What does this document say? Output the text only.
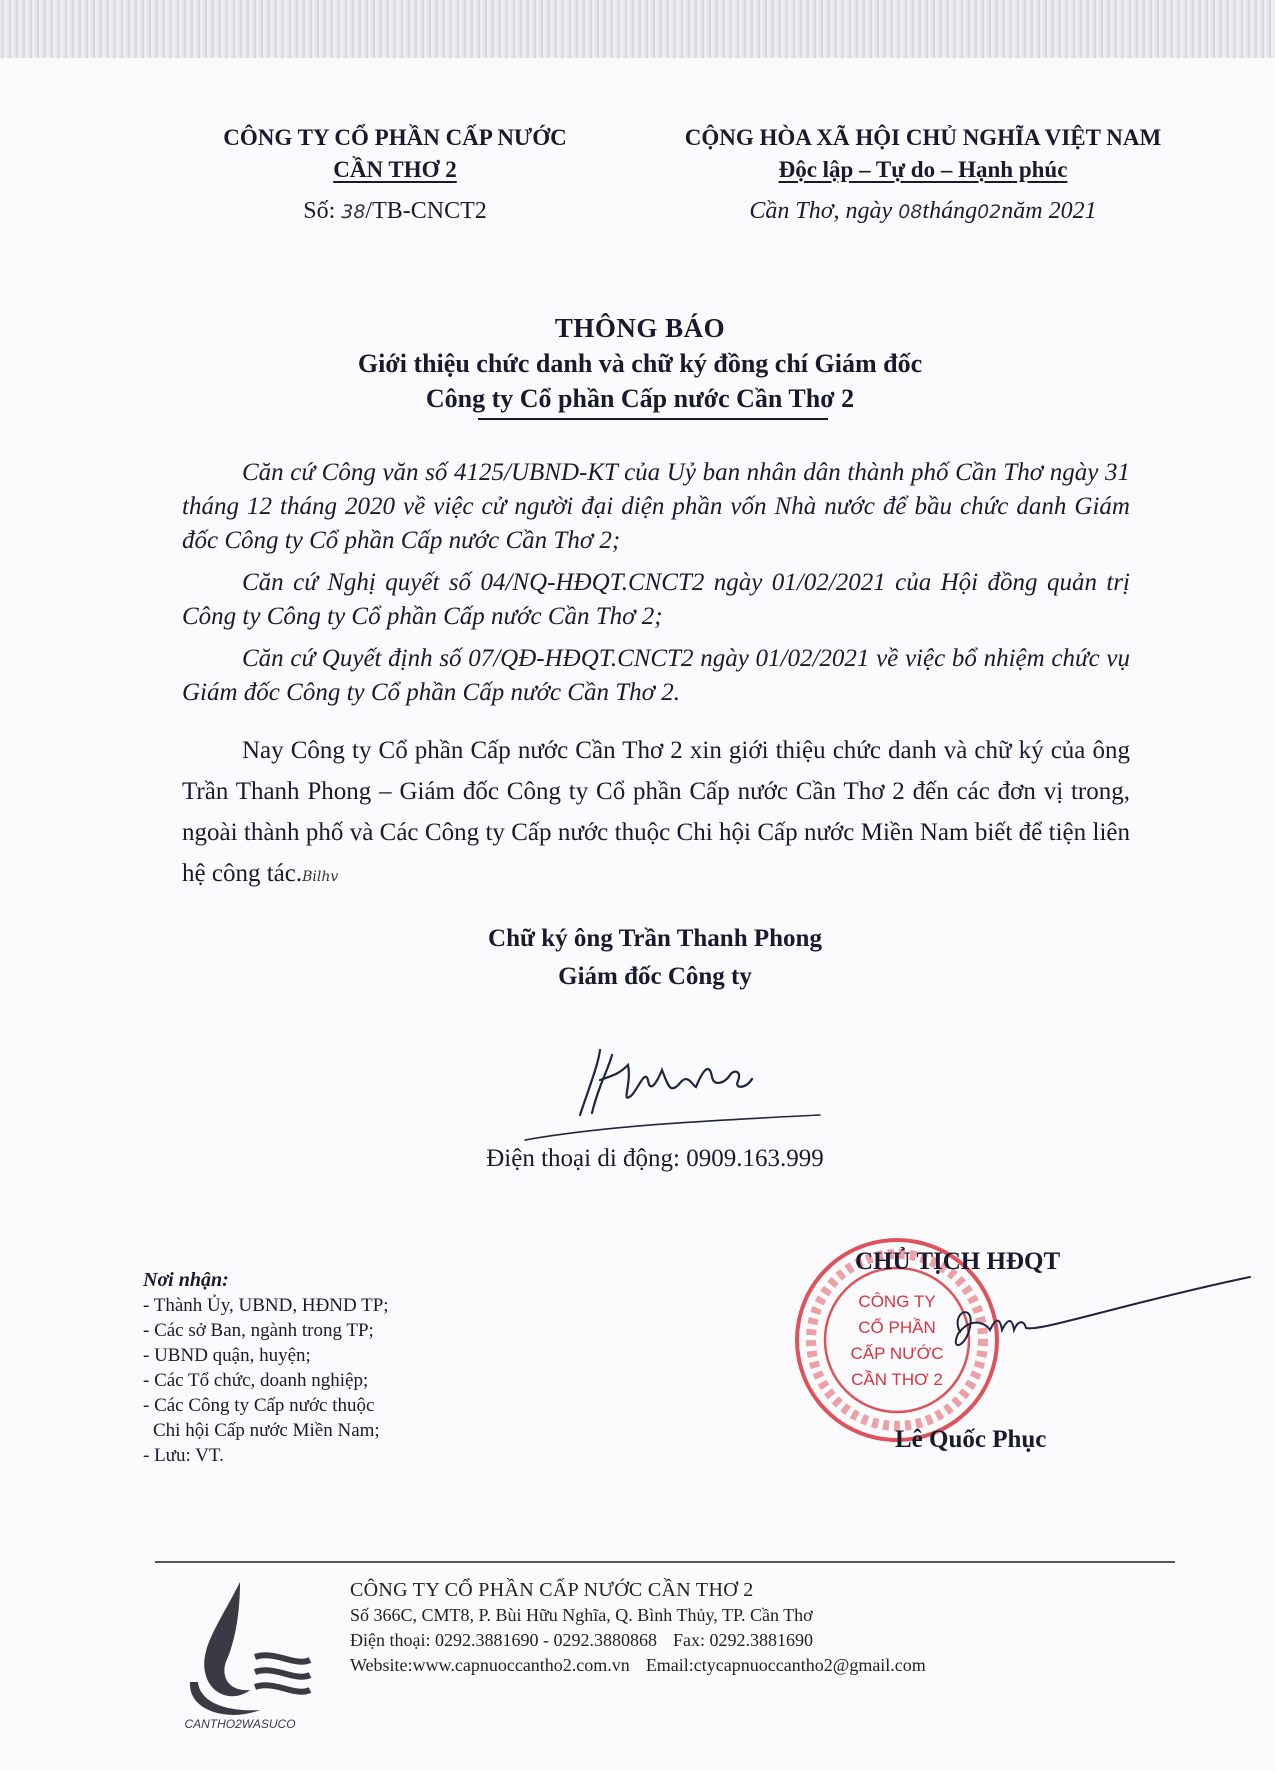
CÔNG TY CỔ PHẦN CẤP NƯỚC
CẦN THƠ 2
Số: 38/TB-CNCT2
CỘNG HÒA XÃ HỘI CHỦ NGHĨA VIỆT NAM
Độc lập – Tự do – Hạnh phúc
Cần Thơ, ngày 08tháng02năm 2021
THÔNG BÁO
Giới thiệu chức danh và chữ ký đồng chí Giám đốc
Công ty Cổ phần Cấp nước Cần Thơ 2

Căn cứ Công văn số 4125/UBND-KT của Uỷ ban nhân dân thành phố Cần Thơ ngày 31 tháng 12 tháng 2020 về việc cử người đại diện phần vốn Nhà nước để bầu chức danh Giám đốc Công ty Cổ phần Cấp nước Cần Thơ 2;

Căn cứ Nghị quyết số 04/NQ-HĐQT.CNCT2 ngày 01/02/2021 của Hội đồng quản trị Công ty Công ty Cổ phần Cấp nước Cần Thơ 2;

Căn cứ Quyết định số 07/QĐ-HĐQT.CNCT2 ngày 01/02/2021 về việc bổ nhiệm chức vụ Giám đốc Công ty Cổ phần Cấp nước Cần Thơ 2.

Nay Công ty Cổ phần Cấp nước Cần Thơ 2 xin giới thiệu chức danh và chữ ký của ông Trần Thanh Phong – Giám đốc Công ty Cổ phần Cấp nước Cần Thơ 2 đến các đơn vị trong, ngoài thành phố và Các Công ty Cấp nước thuộc Chi hội Cấp nước Miền Nam biết để tiện liên hệ công tác.Bilhv

Chữ ký ông Trần Thanh Phong
Giám đốc Công ty
Điện thoại di động: 0909.163.999
Nơi nhận:

- Thành Ủy, UBND, HĐND TP;

- Các sở Ban, ngành trong TP;

- UBND quận, huyện;

- Các Tổ chức, doanh nghiệp;

- Các Công ty Cấp nước thuộc

Chi hội Cấp nước Miền Nam;

- Lưu: VT.

CÔNG TY
CỔ PHẦN
CẤP NƯỚC
CẦN THƠ 2
CHỦ TỊCH HĐQT
Lê Quốc Phục
CANTHO2WASUCO
CÔNG TY CỔ PHẦN CẤP NƯỚC CẦN THƠ 2
Số 366C, CMT8, P. Bùi Hữu Nghĩa, Q. Bình Thủy, TP. Cần Thơ
Điện thoại: 0292.3881690 - 0292.3880868 Fax: 0292.3881690
Website:www.capnuoccantho2.com.vn Email:ctycapnuoccantho2@gmail.com
